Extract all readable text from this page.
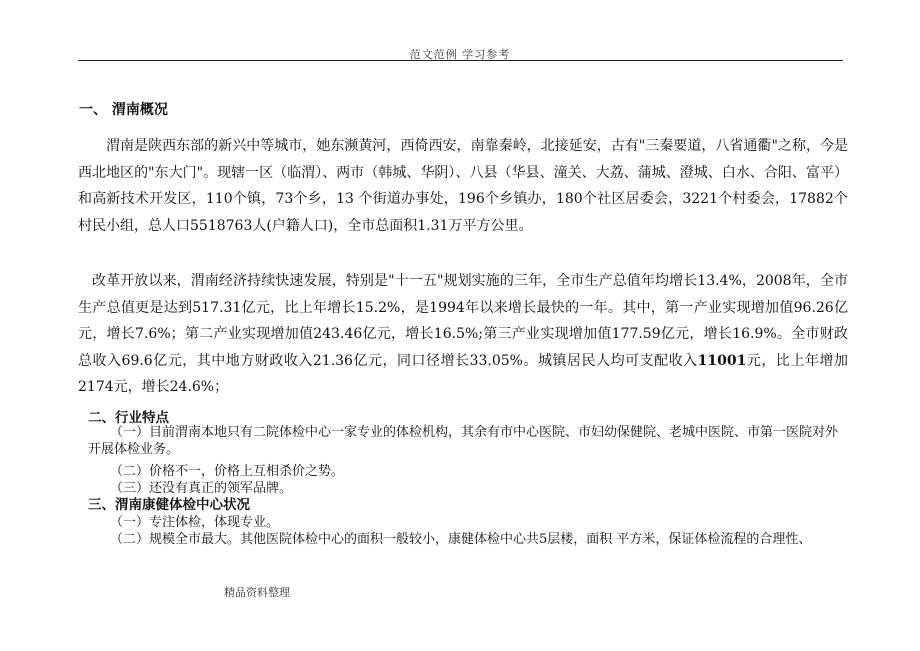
范文范例 学习参考
一、 渭南概况

渭南是陕西东部的新兴中等城市，她东濒黄河，西倚西安，南靠秦岭，北接延安，古有"三秦要道，八省通衢"之称，今是西北地区的"东大门"。现辖一区（临渭）、两市（韩城、华阴）、八县（华县、潼关、大荔、蒲城、澄城、白水、合阳、富平）和高新技术开发区，110个镇，73个乡，13 个街道办事处，196个乡镇办，180个社区居委会，3221个村委会，17882个村民小组，总人口5518763人(户籍人口)，全市总面积1.31万平方公里。

改革开放以来，渭南经济持续快速发展，特别是"十一五"规划实施的三年，全市生产总值年均增长13.4%，2008年，全市生产总值更是达到517.31亿元，比上年增长15.2%，是1994年以来增长最快的一年。其中，第一产业实现增加值96.26亿元，增长7.6%；第二产业实现增加值243.46亿元，增长16.5%;第三产业实现增加值177.59亿元，增长16.9%。全市财政总收入69.6亿元，其中地方财政收入21.36亿元，同口径增长33.05%。城镇居民人均可支配收入11001元，比上年增加2174元，增长24.6%；

二、行业特点

（一）目前渭南本地只有二院体检中心一家专业的体检机构，其余有市中心医院、市妇幼保健院、老城中医院、市第一医院对外开展体检业务。

（二）价格不一，价格上互相杀价之势。

（三）还没有真正的领军品牌。

三、渭南康健体检中心状况

（一）专注体检，体现专业。

（二）规模全市最大。其他医院体检中心的面积一般较小，康健体检中心共5层楼，面积 平方米，保证体检流程的合理性、

精品资料整理
